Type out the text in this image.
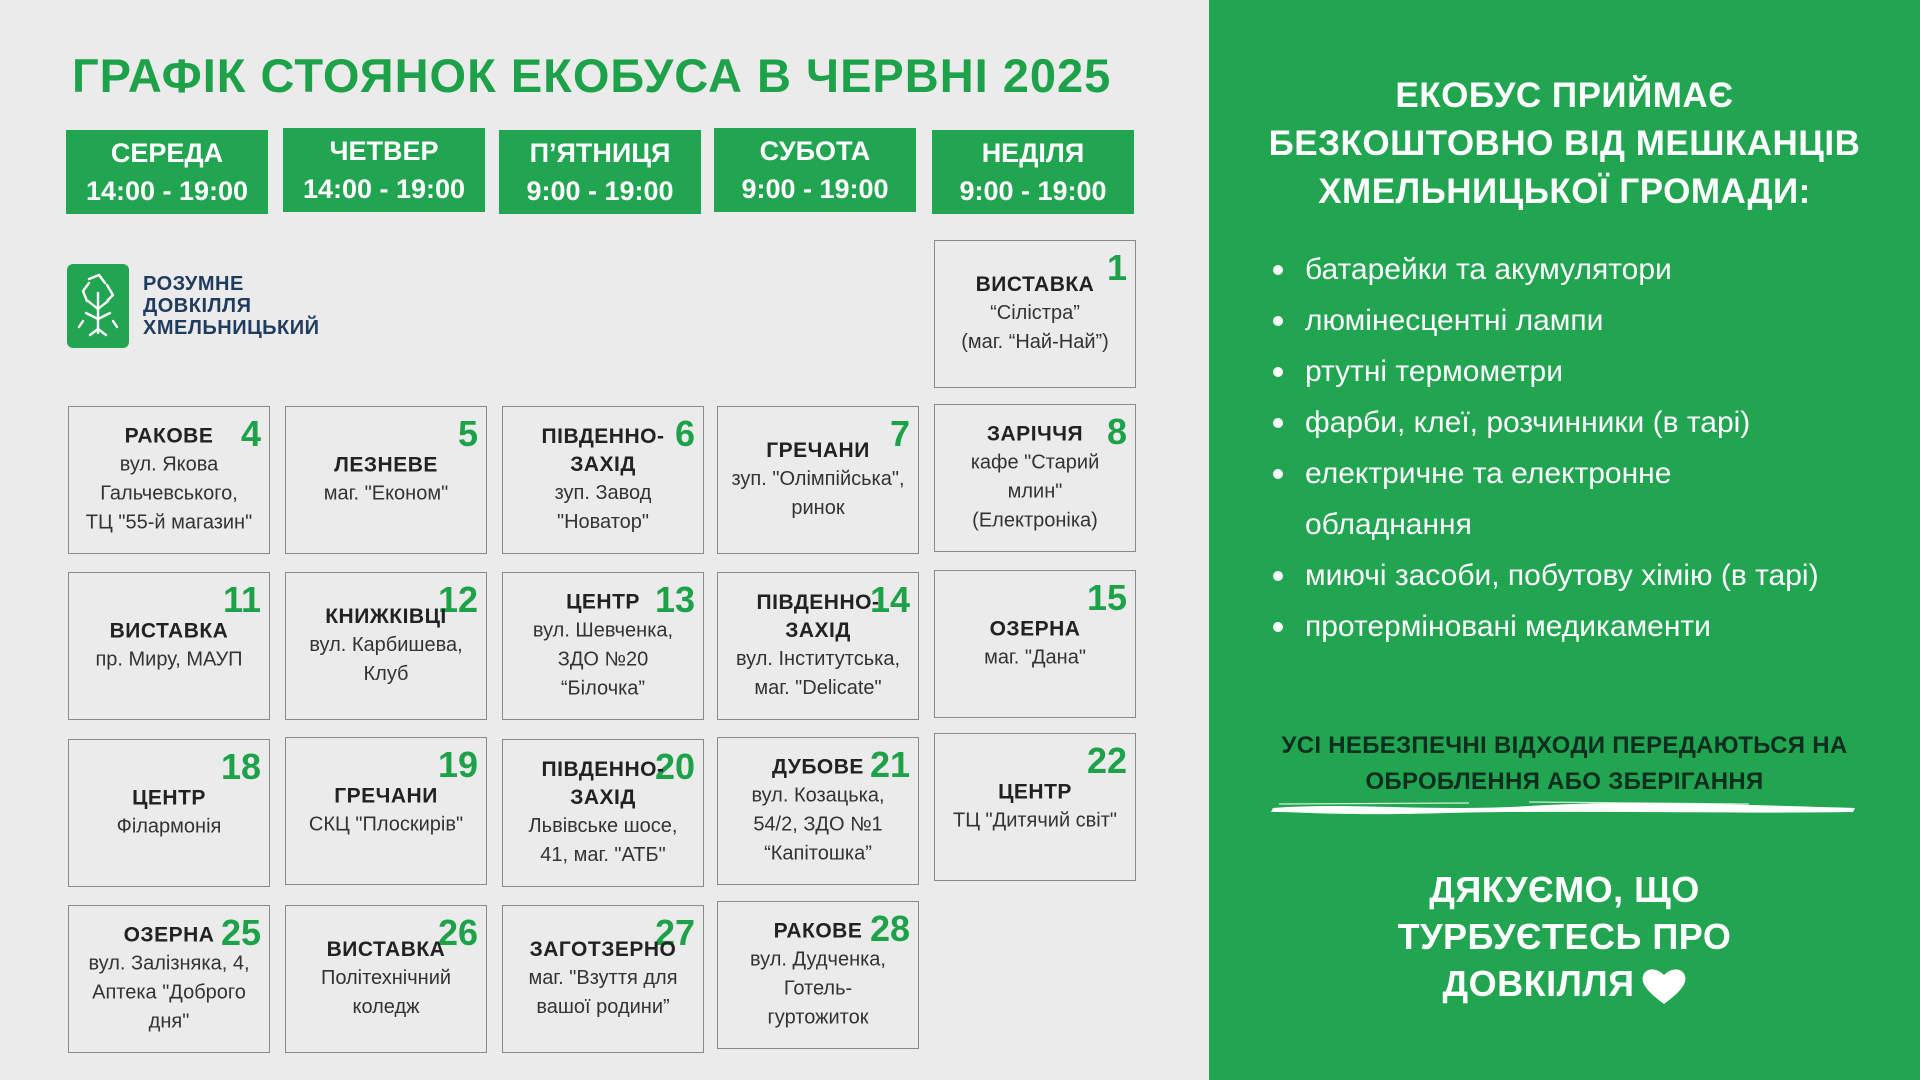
ГРАФІК СТОЯНОК ЕКОБУСА В ЧЕРВНІ 2025
СЕРЕДА
14:00 - 19:00
ЧЕТВЕР
14:00 - 19:00
П’ЯТНИЦЯ
9:00 - 19:00
СУБОТА
9:00 - 19:00
НЕДІЛЯ
9:00 - 19:00
РОЗУМНЕ
ДОВКІЛЛЯ
ХМЕЛЬНИЦЬКИЙ
1
ВИСТАВКА
“Сілістра”
(маг. “Най-Най”)
4
РАКОВЕ
вул. Якова
Гальчевського,
ТЦ "55-й магазин"
5
ЛЕЗНЕВЕ
маг. "Економ"
6
ПІВДЕННО-
ЗАХІД
зуп. Завод
"Новатор"
7
ГРЕЧАНИ
зуп. "Олімпійська",
ринок
8
ЗАРІЧЧЯ
кафе "Старий
млин"
(Електроніка)
11
ВИСТАВКА
пр. Миру, МАУП
12
КНИЖКІВЦІ
вул. Карбишева,
Клуб
13
ЦЕНТР
вул. Шевченка,
ЗДО №20
“Білочка”
14
ПІВДЕННО-
ЗАХІД
вул. Інститутська,
маг. "Delicate"
15
ОЗЕРНА
маг. "Дана"
18
ЦЕНТР
Філармонія
19
ГРЕЧАНИ
СКЦ "Плоскирів"
20
ПІВДЕННО-
ЗАХІД
Львівське шосе,
41, маг. "АТБ"
21
ДУБОВЕ
вул. Козацька,
54/2, ЗДО №1
“Капітошка”
22
ЦЕНТР
ТЦ "Дитячий світ"
25
ОЗЕРНА
вул. Залізняка, 4,
Аптека "Доброго
дня"
26
ВИСТАВКА
Політехнічний
коледж
27
ЗАГОТЗЕРНО
маг. "Взуття для
вашої родини”
28
РАКОВЕ
вул. Дудченка,
Готель-
гуртожиток
ЕКОБУС ПРИЙМАЄ
БЕЗКОШТОВНО ВІД МЕШКАНЦІВ
ХМЕЛЬНИЦЬКОЇ ГРОМАДИ:
батарейки та акумулятори
люмінесцентні лампи
ртутні термометри
фарби, клеї, розчинники (в тарі)
електричне та електронне
обладнання
миючі засоби, побутову хімію (в тарі)
протерміновані медикаменти
УСІ НЕБЕЗПЕЧНІ ВІДХОДИ ПЕРЕДАЮТЬСЯ НА
ОБРОБЛЕННЯ АБО ЗБЕРІГАННЯ
ДЯКУЄМО, ЩО
ТУРБУЄТЕСЬ ПРО
ДОВКІЛЛЯ
